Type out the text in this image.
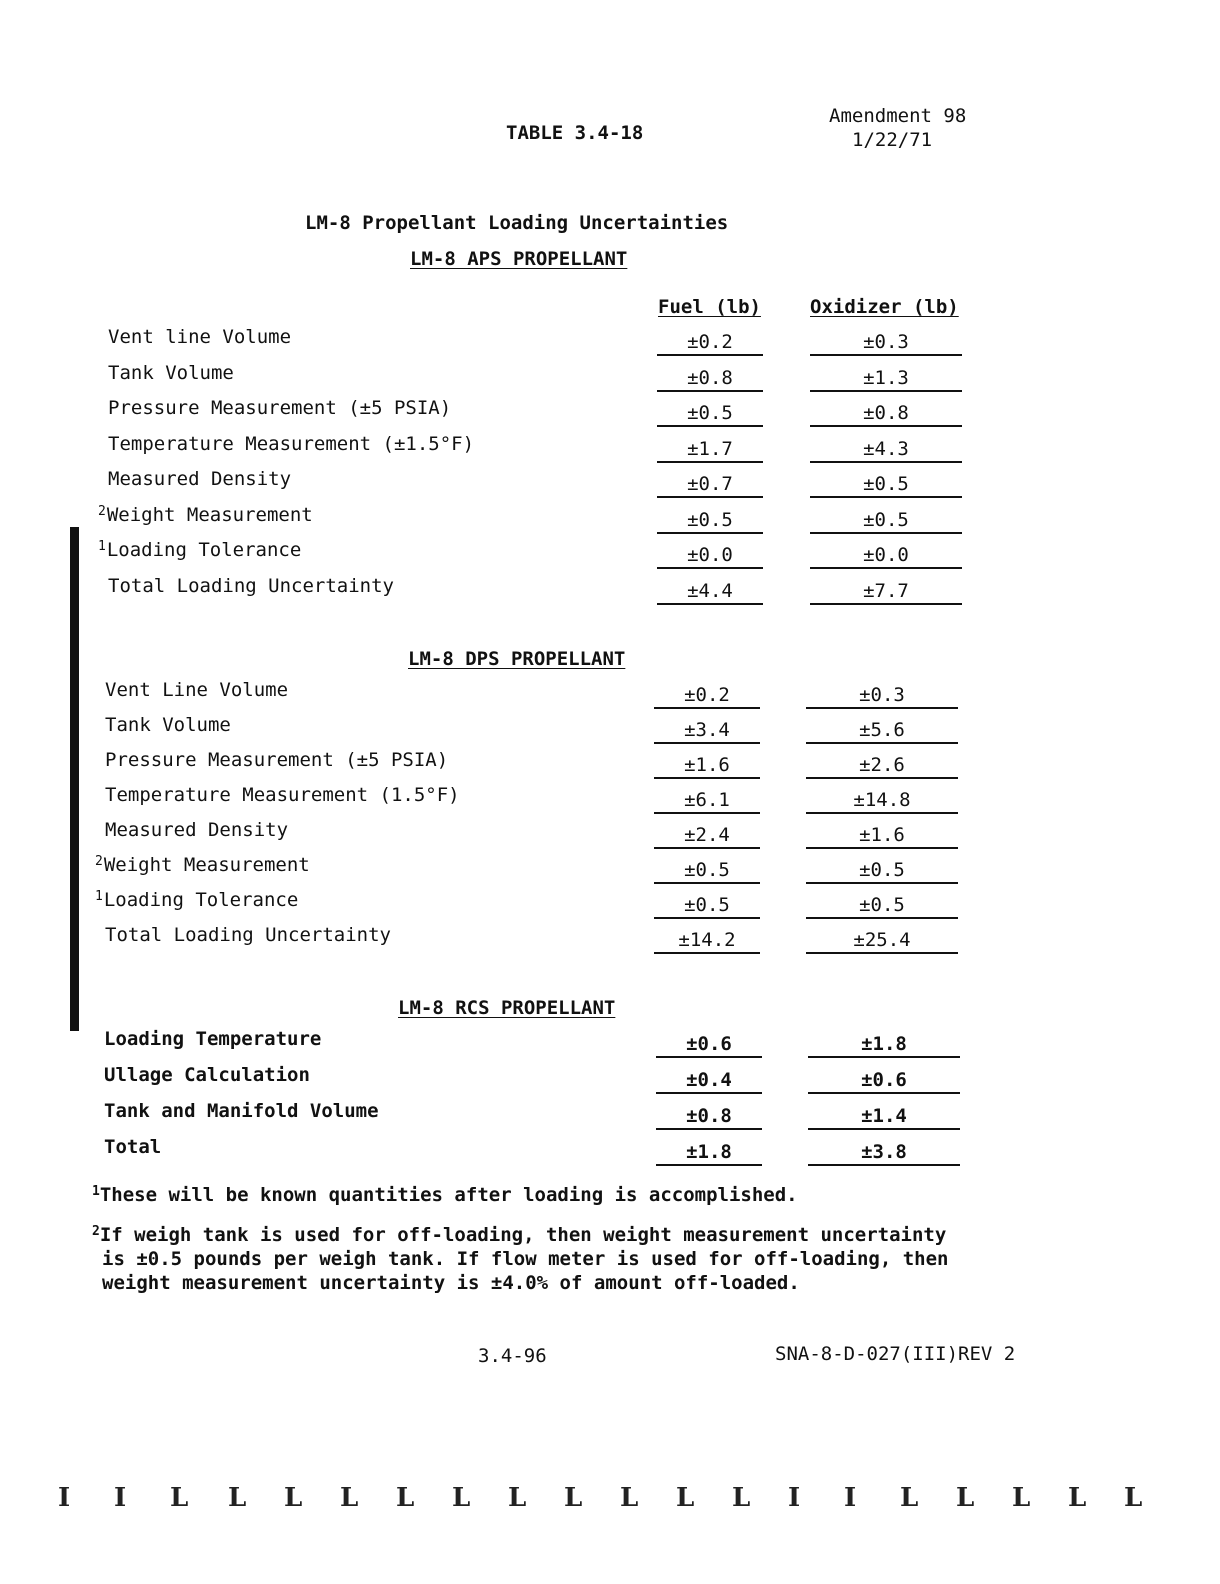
TABLE 3.4-18
Amendment 98
1/22/71
LM-8 Propellant Loading Uncertainties
LM-8 APS PROPELLANT
Fuel (lb)	Oxidizer (lb)
Vent line Volume	±0.2	±0.3
Tank Volume	±0.8	±1.3
Pressure Measurement (±5 PSIA)	±0.5	±0.8
Temperature Measurement (±1.5°F)	±1.7	±4.3
Measured Density	±0.7	±0.5
$^2$Weight Measurement	±0.5	±0.5
$^1$Loading Tolerance	±0.0	±0.0
Total Loading Uncertainty	±4.4	±7.7
LM-8 DPS PROPELLANT
Vent Line Volume	±0.2	±0.3
Tank Volume	±3.4	±5.6
Pressure Measurement (±5 PSIA)	±1.6	±2.6
Temperature Measurement (1.5°F)	±6.1	±14.8
Measured Density	±2.4	±1.6
$^2$Weight Measurement	±0.5	±0.5
$^1$Loading Tolerance	±0.5	±0.5
Total Loading Uncertainty	±14.2	±25.4
LM-8 RCS PROPELLANT
Loading Temperature	±0.6	±1.8
Ullage Calculation	±0.4	±0.6
Tank and Manifold Volume	±0.8	±1.4
Total	±1.8	±3.8
$^1$These will be known quantities after loading is accomplished.
$^2$If weigh tank is used for off-loading, then weight measurement uncertainty
is ±0.5 pounds per weigh tank. If flow meter is used for off-loading, then
weight measurement uncertainty is ±4.0% of amount off-loaded.
3.4-96	SNA-8-D-027(III)REV 2
I I L L L L L L L L L L L I I L L L L L
